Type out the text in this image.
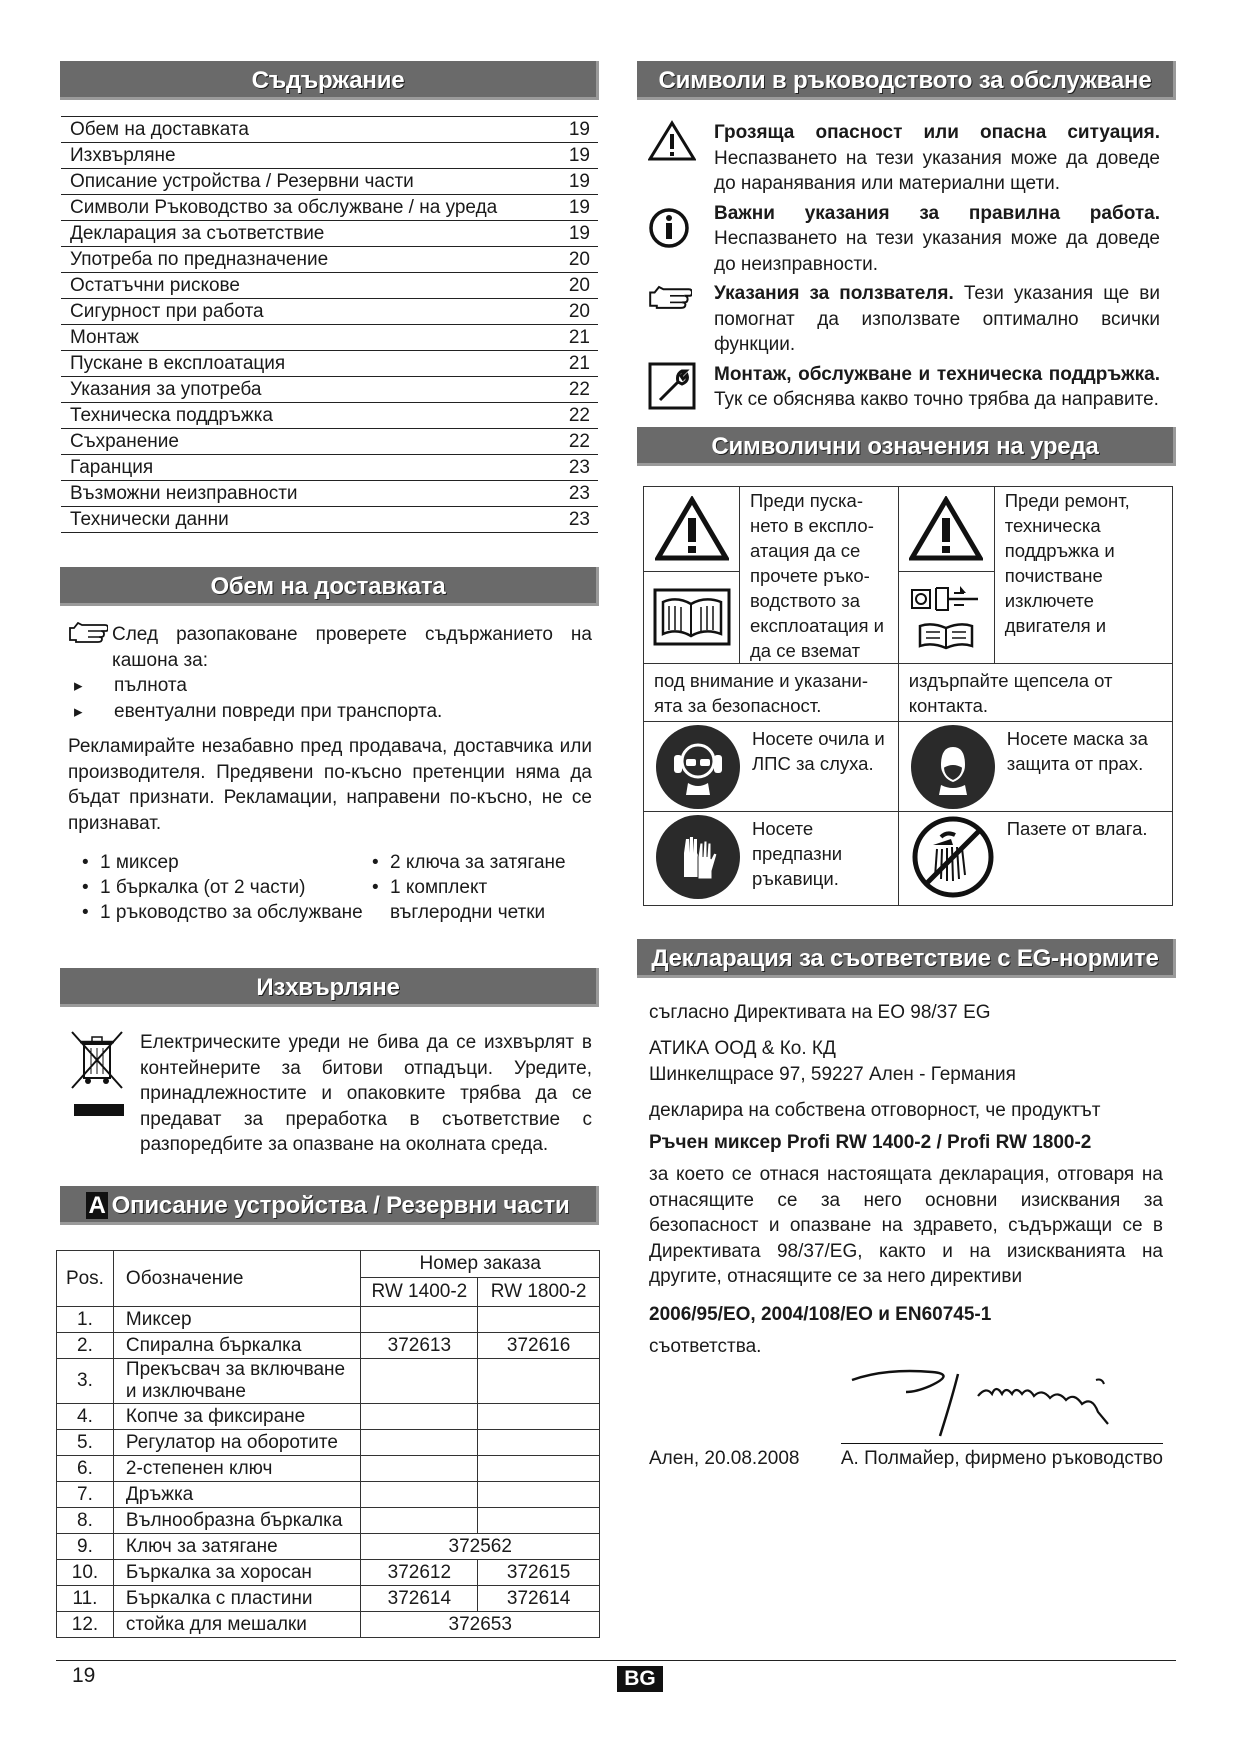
Съдържание
Обем на доставката	19
Изхвърляне	19
Описание устройства / Резервни части	19
Символи Ръководство за обслужване / на уреда	19
Декларация за съответствие	19
Употреба по предназначение	20
Остатъчни рискове	20
Сигурност при работа	20
Монтаж	21
Пускане в експлоатация	21
Указания за употреба	22
Техническа поддръжка	22
Съхранение	22
Гаранция	23
Възможни неизправности	23
Технически данни	23
Обем на доставката

След разопаковане проверете съдържанието на кашона за:

▸ пълнота
▸ евентуални повреди при транспорта.

Рекламирайте незабавно пред продавача, доставчика или производителя. Предявени по-късно претенции няма да бъдат признати. Рекламации, направени по-късно, не се признават.

• 1 миксер
• 1 бъркалка (от 2 части)
• 1 ръководство за обслужване
• 2 ключа за затягане
• 1 комплект въглеродни четки
Изхвърляне

Електрическите уреди не бива да се изхвърлят в контейнерите за битови отпадъци. Уредите, принадлежностите и опаковките трябва да се предават за преработка в съответствие с разпоредбите за опазване на околната среда.

A Описание устройства / Резервни части
Pos.	Обозначение	Номер заказа	
		RW 1400-2	RW 1800-2
1.	Миксер		
2.	Спирална бъркалка	372613	372616
3.	Прекъсвач за включване и изключване		
4.	Копче за фиксиране		
5.	Регулатор на оборотите		
6.	2-степенен ключ		
7.	Дръжка		
8.	Вълнообразна бъркалка		
9.	Ключ за затягане	372562	
10.	Бъркалка за хоросан	372612	372615
11.	Бъркалка с пластини	372614	372614
12.	стойка для мешалки	372653	
Символи в ръководството за обслужване

Грозяща опасност или опасна ситуация. Неспазването на тези указания може да доведе до наранявания или материални щети.

Важни указания за правилна работа. Неспазването на тези указания може да доведе до неизправности.

Указания за ползвателя. Тези указания ще ви помогнат да използвате оптимално всички функции.

Монтаж, обслужване и техническа поддръжка. Тук се обяснява какво точно трябва да направите.

Символични означения на уреда
Преди пуска-нето в експло-атация да се прочете ръко-водството за експлоатация и да се вземат	Преди ремонт, техническа поддръжка и почистване изключете двигателя и

под внимание и указани-ята за безопасност.	издърпайте щепсела от контакта.

Носете очила и ЛПС за слуха.	Носете маска за защита от прах.

Носете предпазни ръкавици.	Пазете от влага.
Декларация за съответствие с EG-нормите

съгласно Директивата на ЕО 98/37 EG

АТИКА ООД & Ко. КД

Шинкелщрасе 97, 59227 Ален - Германия

декларира на собствена отговорност, че продуктът

Ръчен миксер Profi RW 1400-2 / Profi RW 1800-2

за което се отнася настоящата декларация, отговаря на отнасящите се за него основни изисквания за безопасност и опазване на здравето, съдържащи се в Директивата 98/37/EG, както и на изискванията на другите, отнасящите се за него директиви

2006/95/EO, 2004/108/EO и EN60745-1

съответства.

Ален, 20.08.2008 А. Полмайер, фирмено ръководство
19	BG
